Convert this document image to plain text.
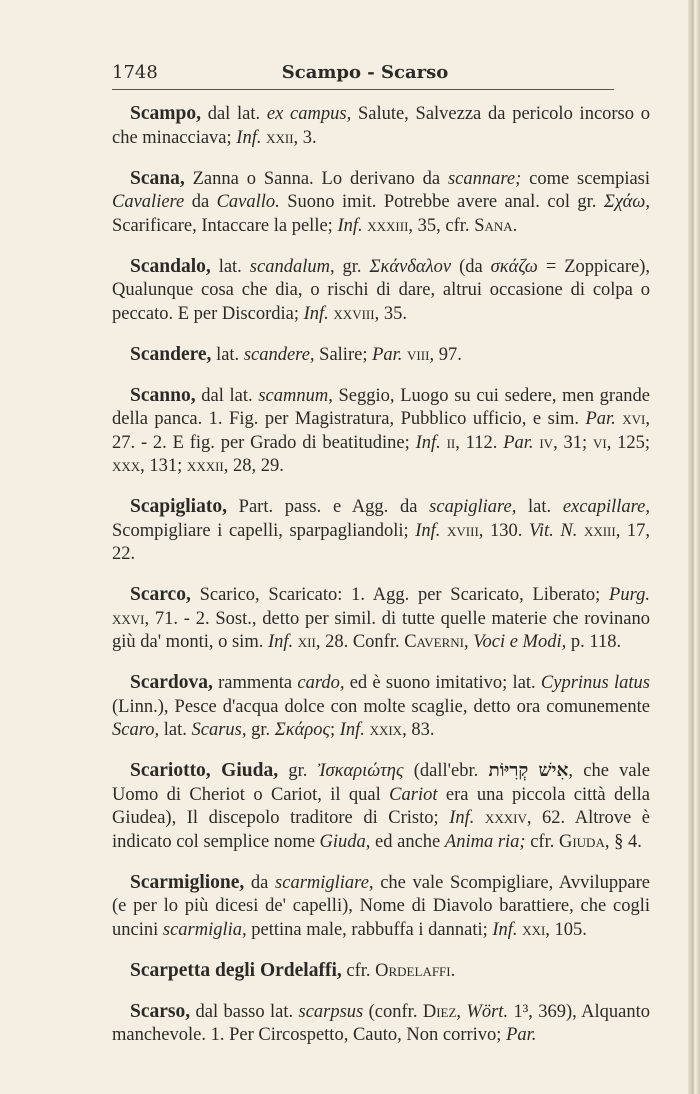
Scampo - Scarso
1748

Scampo, dal lat. ex campus, Salute, Salvezza da pericolo incorso o che minacciava; Inf. xxii, 3.

Scana, Zanna o Sanna. Lo derivano da scannare; come scempiasi Cavaliere da Cavallo. Suono imit. Potrebbe avere anal. col gr. Σχάω, Scarificare, Intaccare la pelle; Inf. xxxiii, 35, cfr. Sana.

Scandalo, lat. scandalum, gr. Σκάνδαλον (da σκάζω = Zoppicare), Qualunque cosa che dia, o rischi di dare, altrui occasione di colpa o peccato. E per Discordia; Inf. xxviii, 35.

Scandere, lat. scandere, Salire; Par. viii, 97.

Scanno, dal lat. scamnum, Seggio, Luogo su cui sedere, men grande della panca. 1. Fig. per Magistratura, Pubblico ufficio, e sim. Par. xvi, 27. - 2. E fig. per Grado di beatitudine; Inf. ii, 112. Par. iv, 31; vi, 125; xxx, 131; xxxii, 28, 29.

Scapigliato, Part. pass. e Agg. da scapigliare, lat. excapillare, Scompigliare i capelli, sparpagliandoli; Inf. xviii, 130. Vit. N. xxiii, 17, 22.

Scarco, Scarico, Scaricato: 1. Agg. per Scaricato, Liberato; Purg. xxvi, 71. - 2. Sost., detto per simil. di tutte quelle materie che rovinano giù da' monti, o sim. Inf. xii, 28. Confr. Caverni, Voci e Modi, p. 118.

Scardova, rammenta cardo, ed è suono imitativo; lat. Cyprinus latus (Linn.), Pesce d'acqua dolce con molte scaglie, detto ora comunemente Scaro, lat. Scarus, gr. Σκάρος; Inf. xxix, 83.

Scariotto, Giuda, gr. Ἰσκαριώτης (dall'ebr. אִישׁ קְרִיּוֹת, che vale Uomo di Cheriot o Cariot, il qual Cariot era una piccola città della Giudea), Il discepolo traditore di Cristo; Inf. xxxiv, 62. Altrove è indicato col semplice nome Giuda, ed anche Anima ria; cfr. Giuda, § 4.

Scarmiglione, da scarmigliare, che vale Scompigliare, Avviluppare (e per lo più dicesi de' capelli), Nome di Diavolo barattiere, che cogli uncini scarmiglia, pettina male, rabbuffa i dannati; Inf. xxi, 105.

Scarpetta degli Ordelaffi, cfr. Ordelaffi.

Scarso, dal basso lat. scarpsus (confr. Diez, Wört. 1³, 369), Alquanto manchevole. 1. Per Circospetto, Cauto, Non corrivo; Par.
